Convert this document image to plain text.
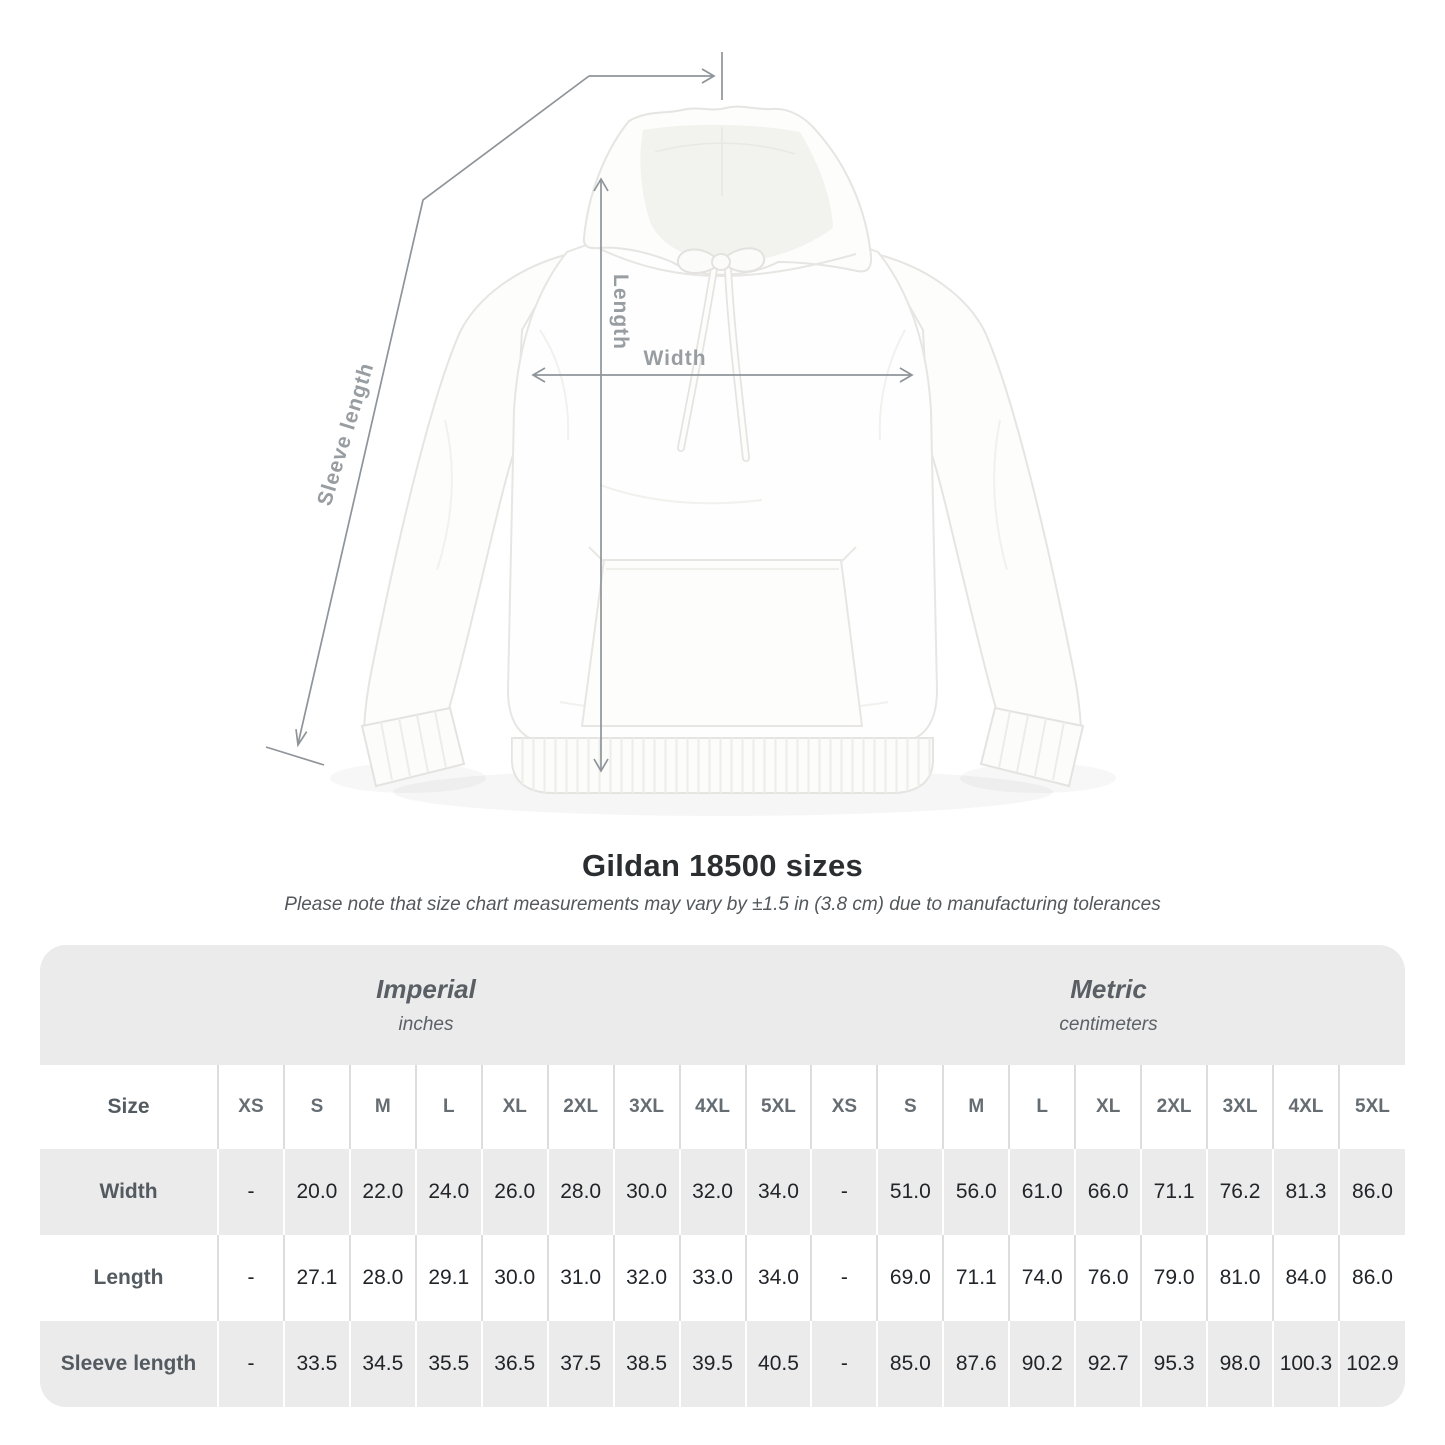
Width
Length
Sleeve length
Gildan 18500 sizes
Please note that size chart measurements may vary by ±1.5 in (3.8 cm) due to manufacturing tolerances
Imperial
inches
Metric
centimeters
Size	XS	S	M	L	XL	2XL	3XL	4XL	5XL	XS	S	M	L	XL	2XL	3XL	4XL	5XL
Width	-	20.0	22.0	24.0	26.0	28.0	30.0	32.0	34.0	-	51.0	56.0	61.0	66.0	71.1	76.2	81.3	86.0
Length	-	27.1	28.0	29.1	30.0	31.0	32.0	33.0	34.0	-	69.0	71.1	74.0	76.0	79.0	81.0	84.0	86.0
Sleeve length	-	33.5	34.5	35.5	36.5	37.5	38.5	39.5	40.5	-	85.0	87.6	90.2	92.7	95.3	98.0	100.3	102.9
